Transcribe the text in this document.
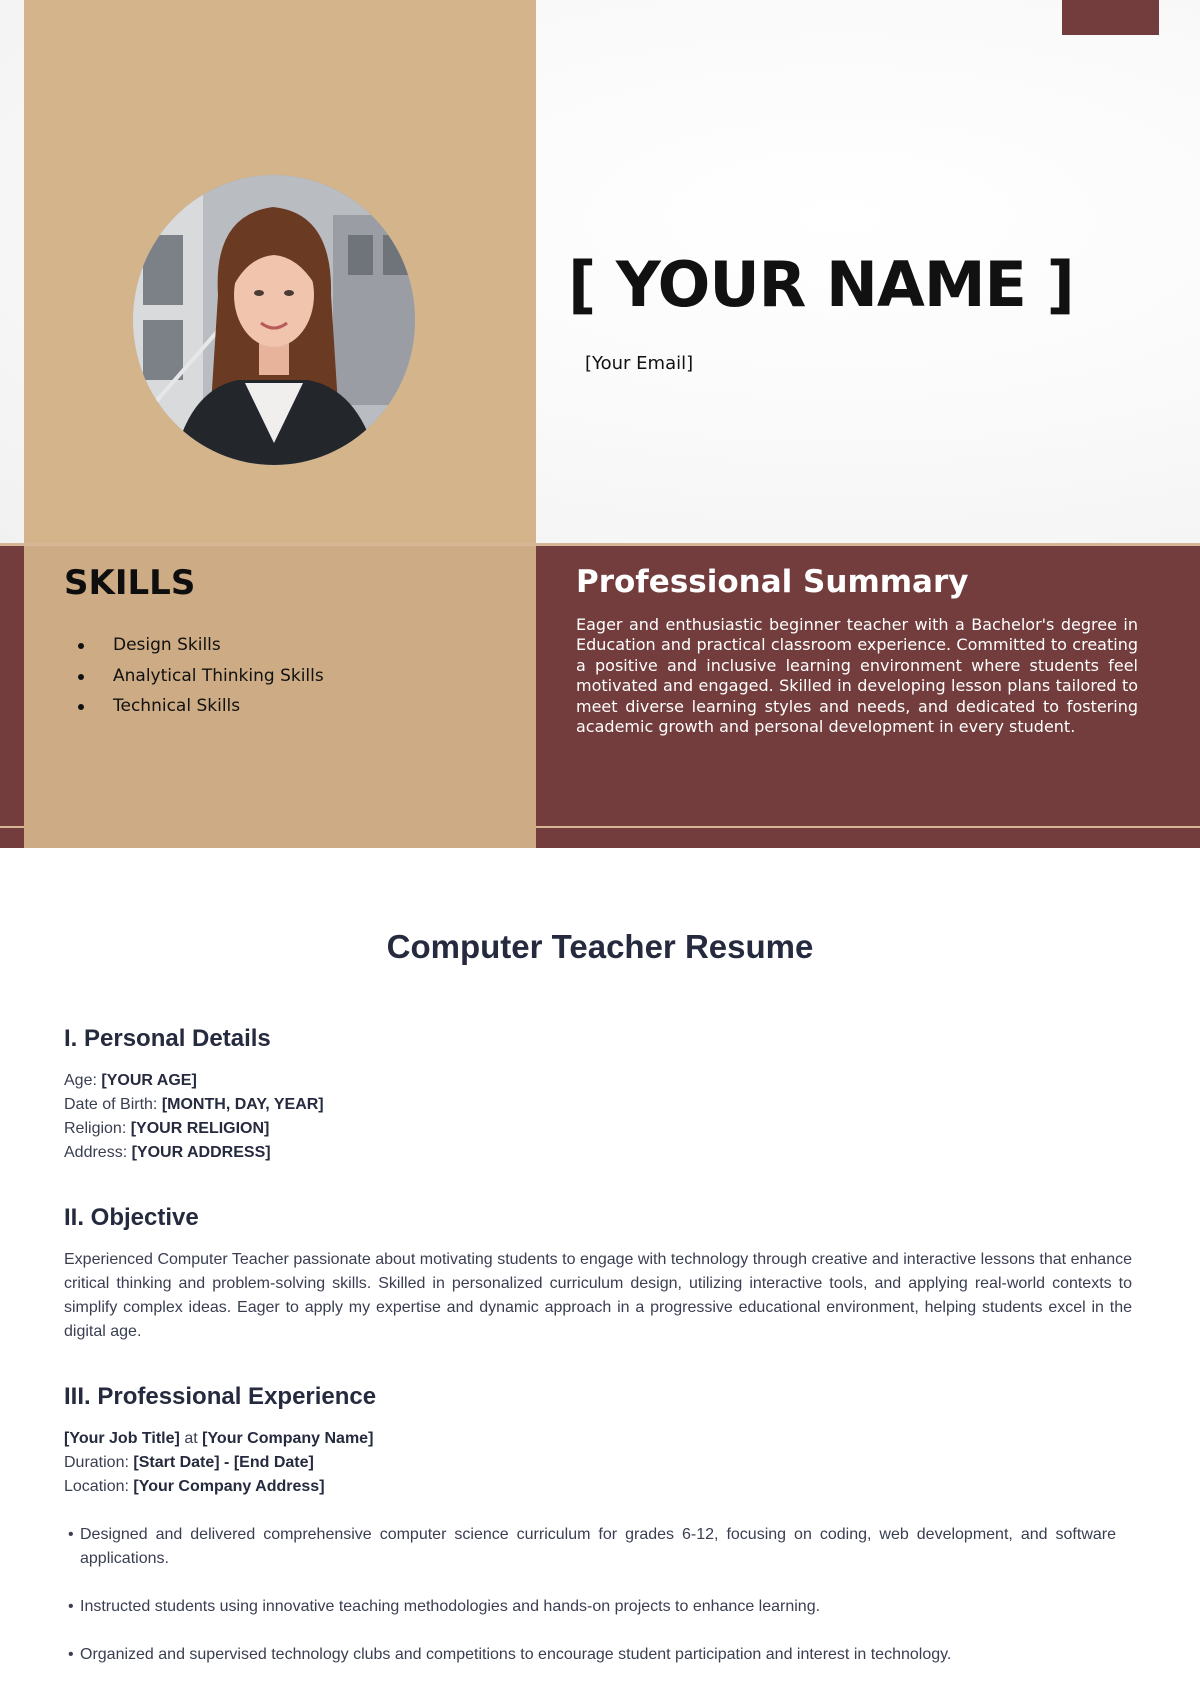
[ YOUR NAME ]
[Your Email]
SKILLS
Design Skills
Analytical Thinking Skills
Technical Skills
Professional Summary

Eager and enthusiastic beginner teacher with a Bachelor's degree in Education and practical classroom experience. Committed to creating a positive and inclusive learning environment where students feel motivated and engaged. Skilled in developing lesson plans tailored to meet diverse learning styles and needs, and dedicated to fostering academic growth and personal development in every student.

Computer Teacher Resume
I. Personal Details
Age: [YOUR AGE]
Date of Birth: [MONTH, DAY, YEAR]
Religion: [YOUR RELIGION]
Address: [YOUR ADDRESS]
II. Objective

Experienced Computer Teacher passionate about motivating students to engage with technology through creative and interactive lessons that enhance critical thinking and problem-solving skills. Skilled in personalized curriculum design, utilizing interactive tools, and applying real-world contexts to simplify complex ideas. Eager to apply my expertise and dynamic approach in a progressive educational environment, helping students excel in the digital age.

III. Professional Experience
[Your Job Title] at [Your Company Name]
Duration: [Start Date] - [End Date]
Location: [Your Company Address]
• Designed and delivered comprehensive computer science curriculum for grades 6-12, focusing on coding, web development, and software applications.
• Instructed students using innovative teaching methodologies and hands-on projects to enhance learning.
• Organized and supervised technology clubs and competitions to encourage student participation and interest in technology.
